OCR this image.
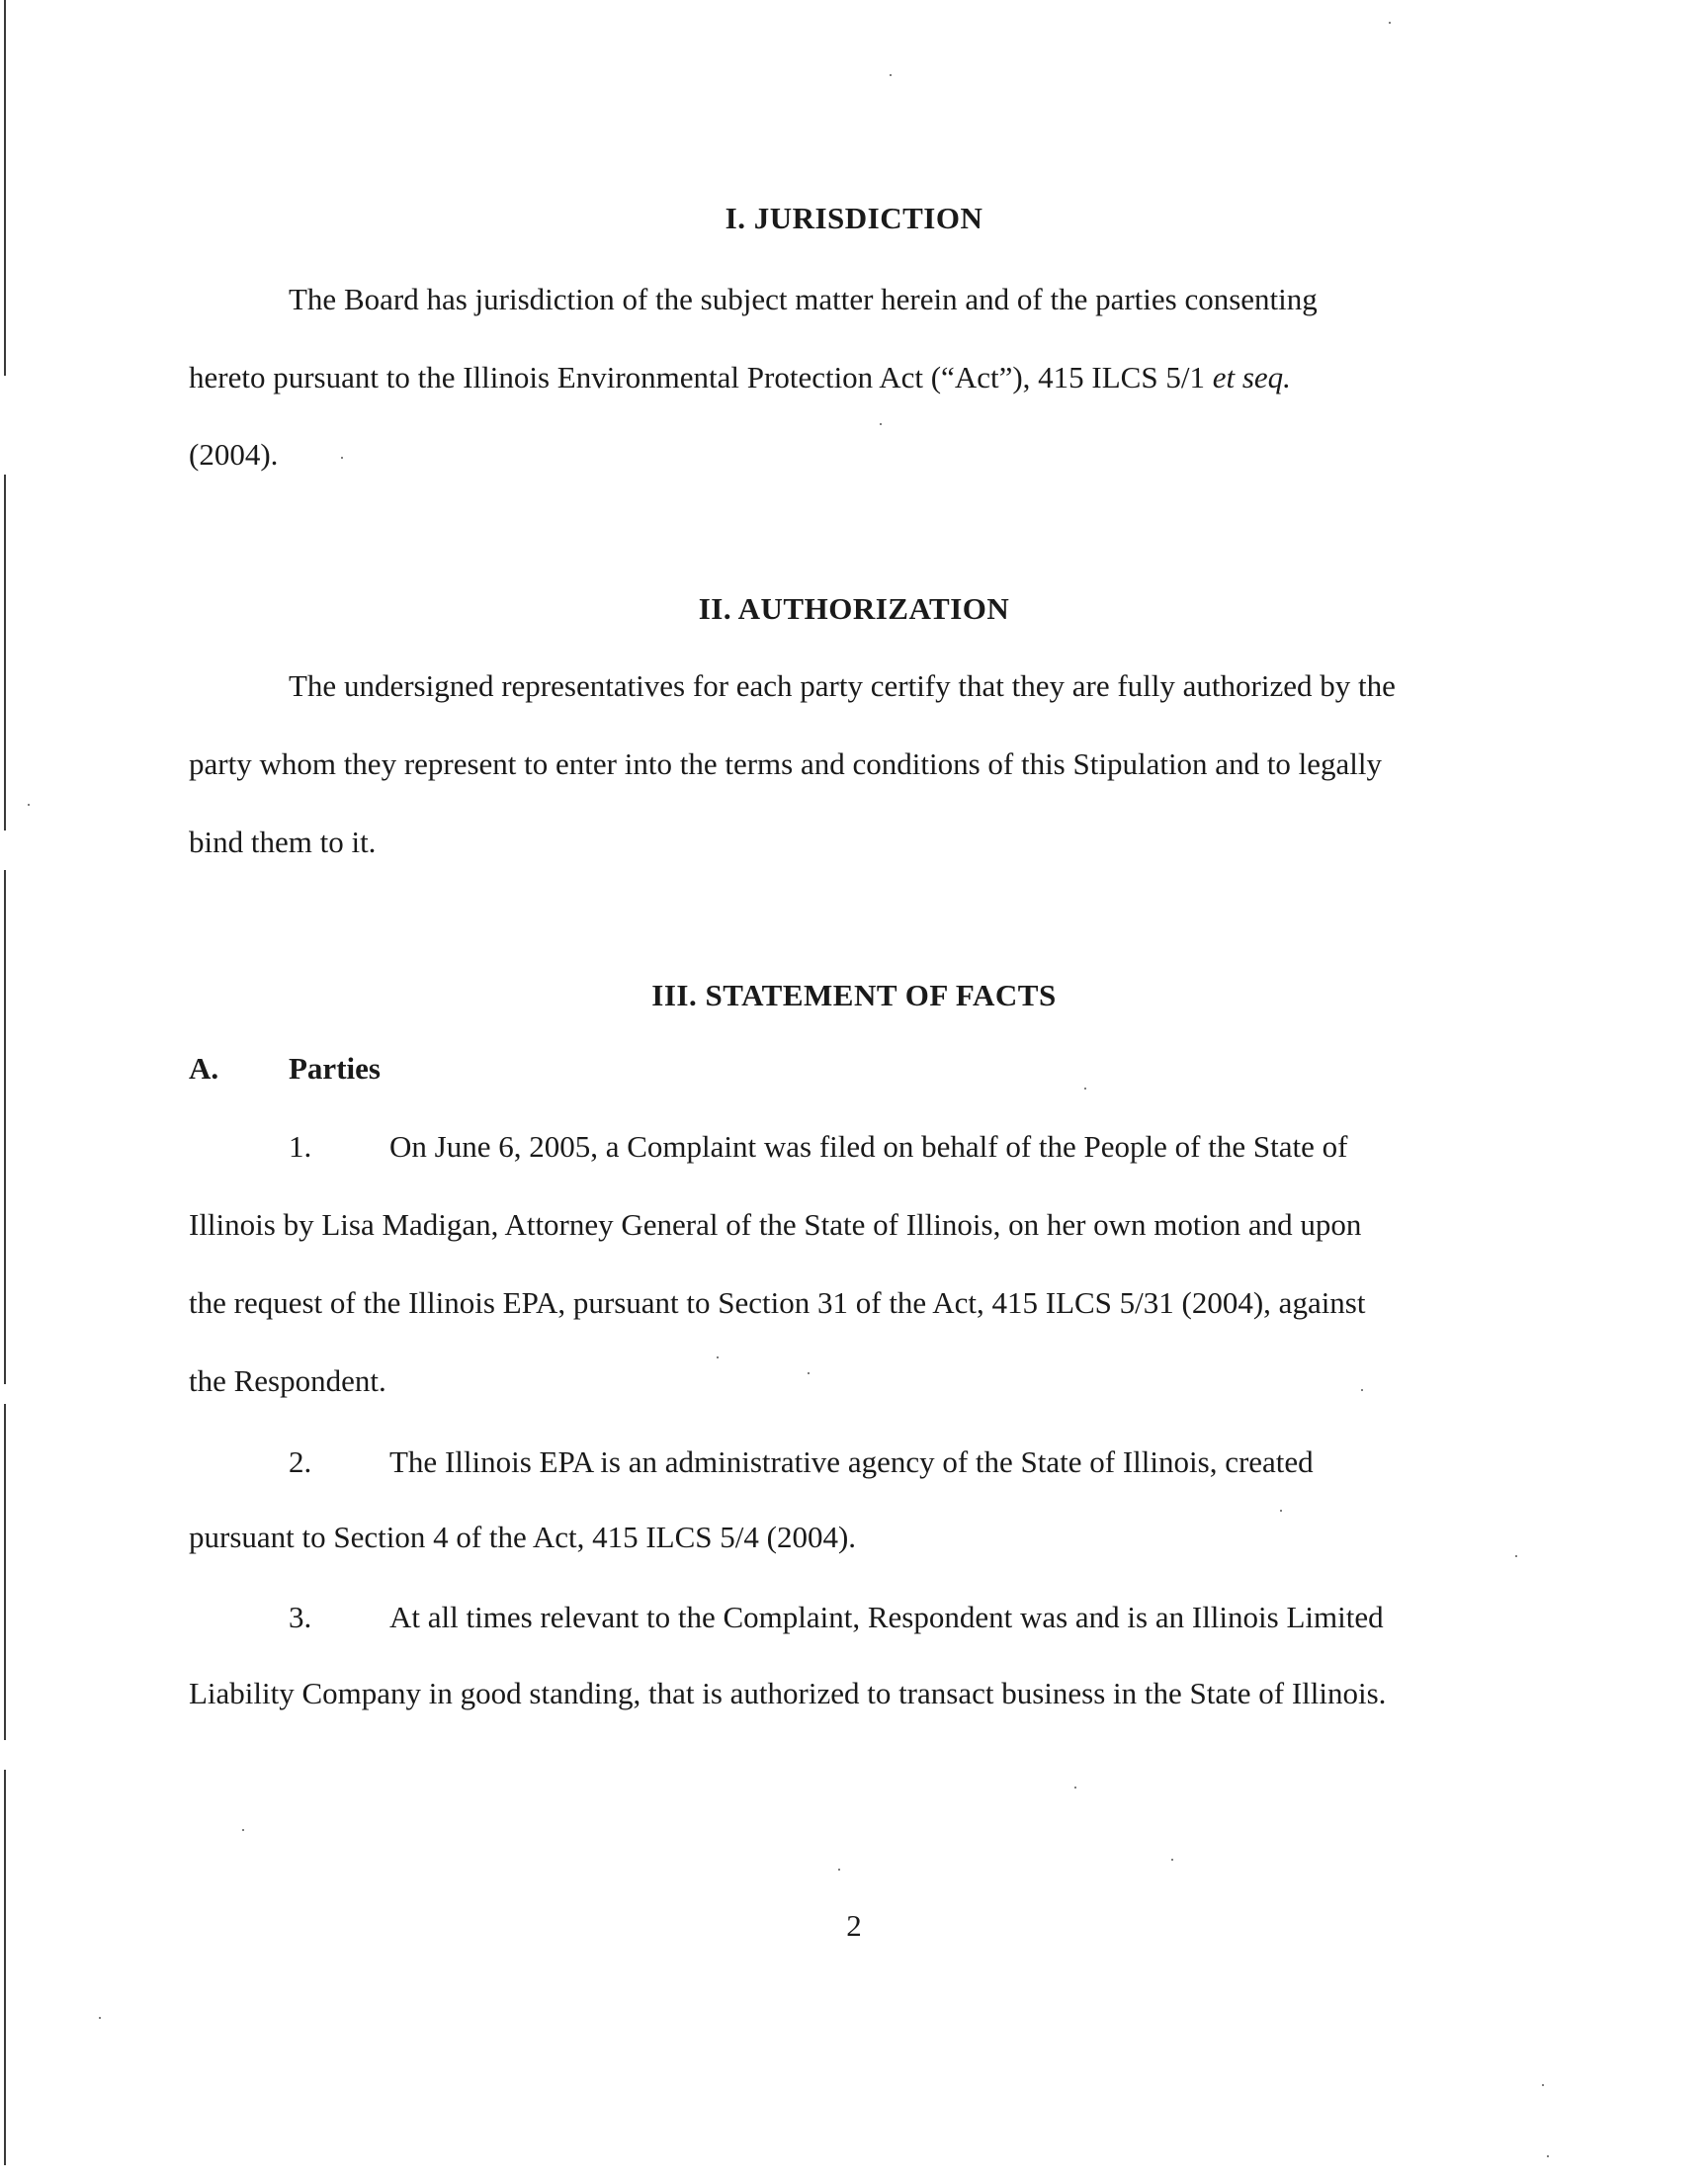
I. JURISDICTION
The Board has jurisdiction of the subject matter herein and of the parties consenting
hereto pursuant to the Illinois Environmental Protection Act (“Act”), 415 ILCS 5/1 et seq.
(2004).
II. AUTHORIZATION
The undersigned representatives for each party certify that they are fully authorized by the
party whom they represent to enter into the terms and conditions of this Stipulation and to legally
bind them to it.
III. STATEMENT OF FACTS
A. Parties
1.	On June 6, 2005, a Complaint was filed on behalf of the People of the State of
Illinois by Lisa Madigan, Attorney General of the State of Illinois, on her own motion and upon
the request of the Illinois EPA, pursuant to Section 31 of the Act, 415 ILCS 5/31 (2004), against
the Respondent.
2.	The Illinois EPA is an administrative agency of the State of Illinois, created
pursuant to Section 4 of the Act, 415 ILCS 5/4 (2004).
3.	At all times relevant to the Complaint, Respondent was and is an Illinois Limited
Liability Company in good standing, that is authorized to transact business in the State of Illinois.
2
